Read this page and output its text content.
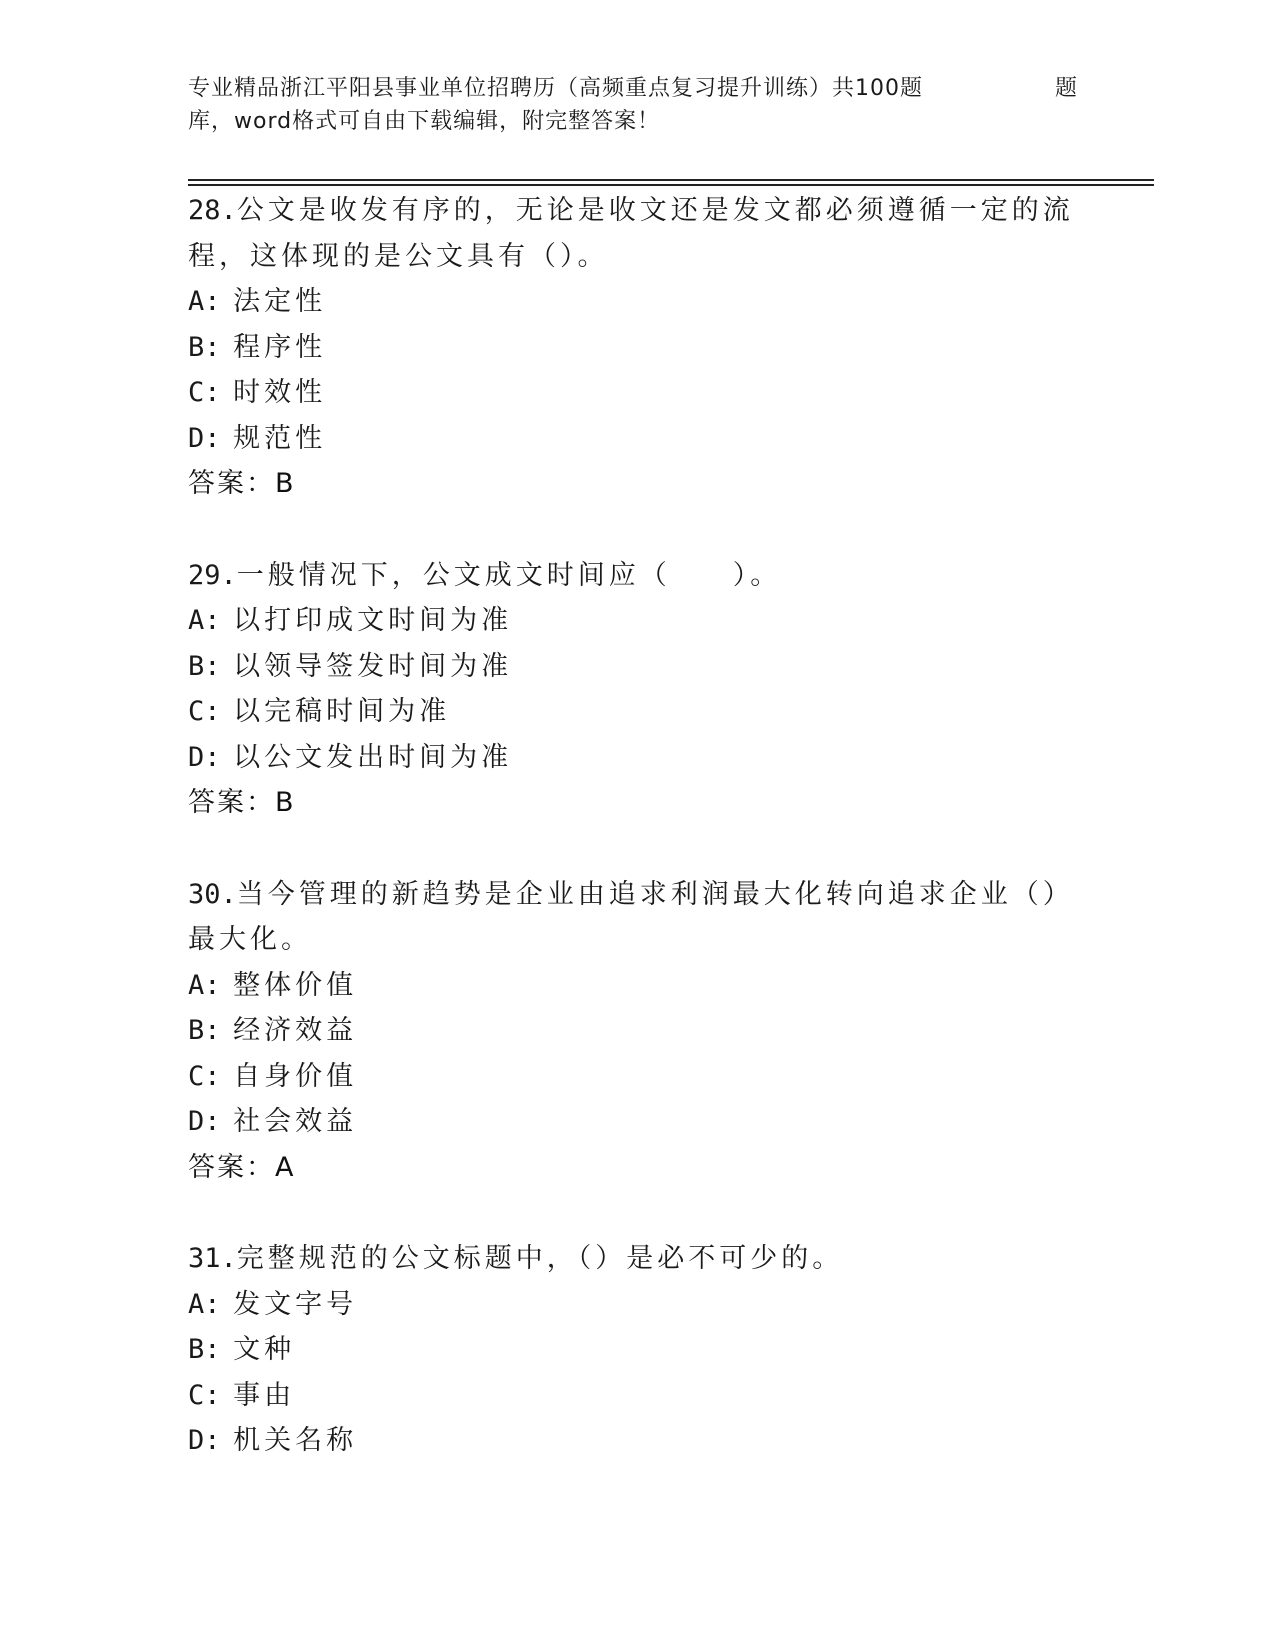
专业精品浙江平阳县事业单位招聘历（高频重点复习提升训练）共100题	题
库，word格式可自由下载编辑，附完整答案！
28.公文是收发有序的，无论是收文还是发文都必须遵循一定的流程，这体现的是公文具有（）。
A: 法定性
B: 程序性
C: 时效性
D: 规范性
答案：B
29.一般情况下，公文成文时间应（　　）。
A: 以打印成文时间为准
B: 以领导签发时间为准
C: 以完稿时间为准
D: 以公文发出时间为准
答案：B
30.当今管理的新趋势是企业由追求利润最大化转向追求企业（）最大化。
A: 整体价值
B: 经济效益
C: 自身价值
D: 社会效益
答案：A
31.完整规范的公文标题中，（）是必不可少的。
A: 发文字号
B: 文种
C: 事由
D: 机关名称
